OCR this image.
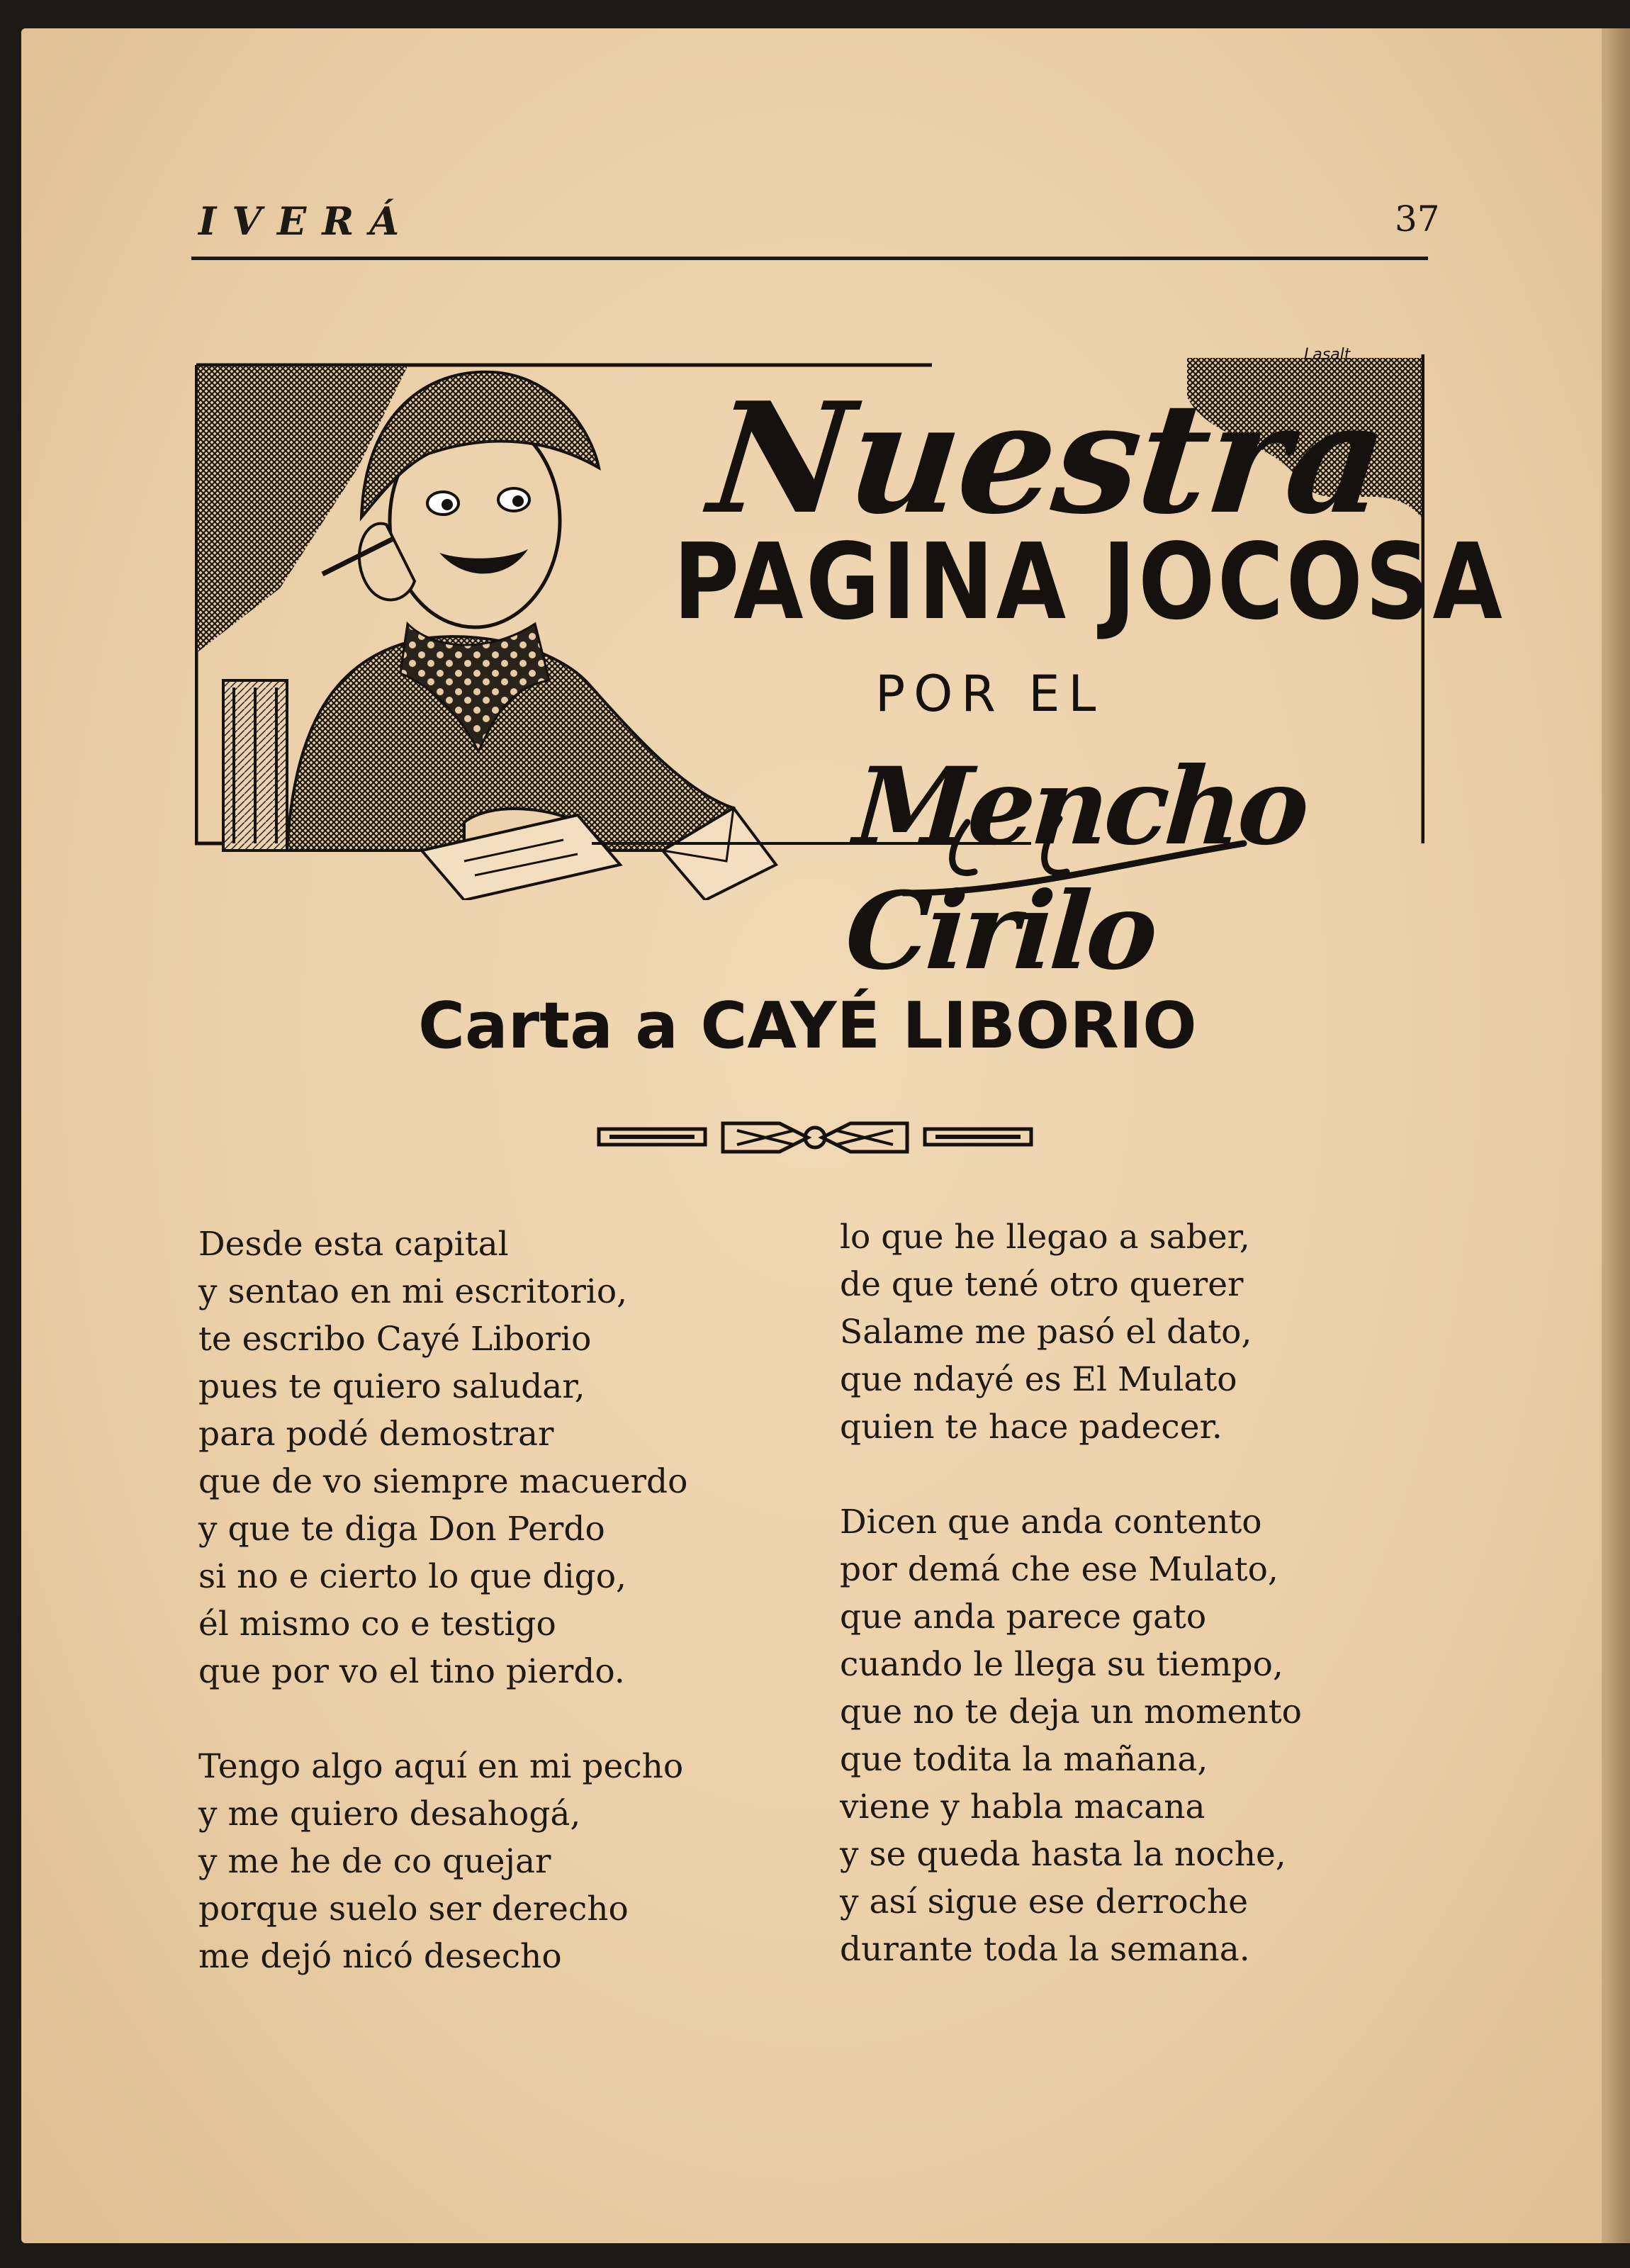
IVERÁ	37
Nuestra
PAGINA JOCOSA
POR EL
Mencho Cirilo
Lasalt
Carta a CAYÉ LIBORIO
Desde esta capital
y sentao en mi escritorio,
te escribo Cayé Liborio
pues te quiero saludar,
para podé demostrar
que de vo siempre macuerdo
y que te diga Don Perdo
si no e cierto lo que digo,
él mismo co e testigo
que por vo el tino pierdo.
Tengo algo aquí en mi pecho
y me quiero desahogá,
y me he de co quejar
porque suelo ser derecho
me dejó nicó desecho
lo que he llegao a saber,
de que tené otro querer
Salame me pasó el dato,
que ndayé es El Mulato
quien te hace padecer.
Dicen que anda contento
por demá che ese Mulato,
que anda parece gato
cuando le llega su tiempo,
que no te deja un momento
que todita la mañana,
viene y habla macana
y se queda hasta la noche,
y así sigue ese derroche
durante toda la semana.
